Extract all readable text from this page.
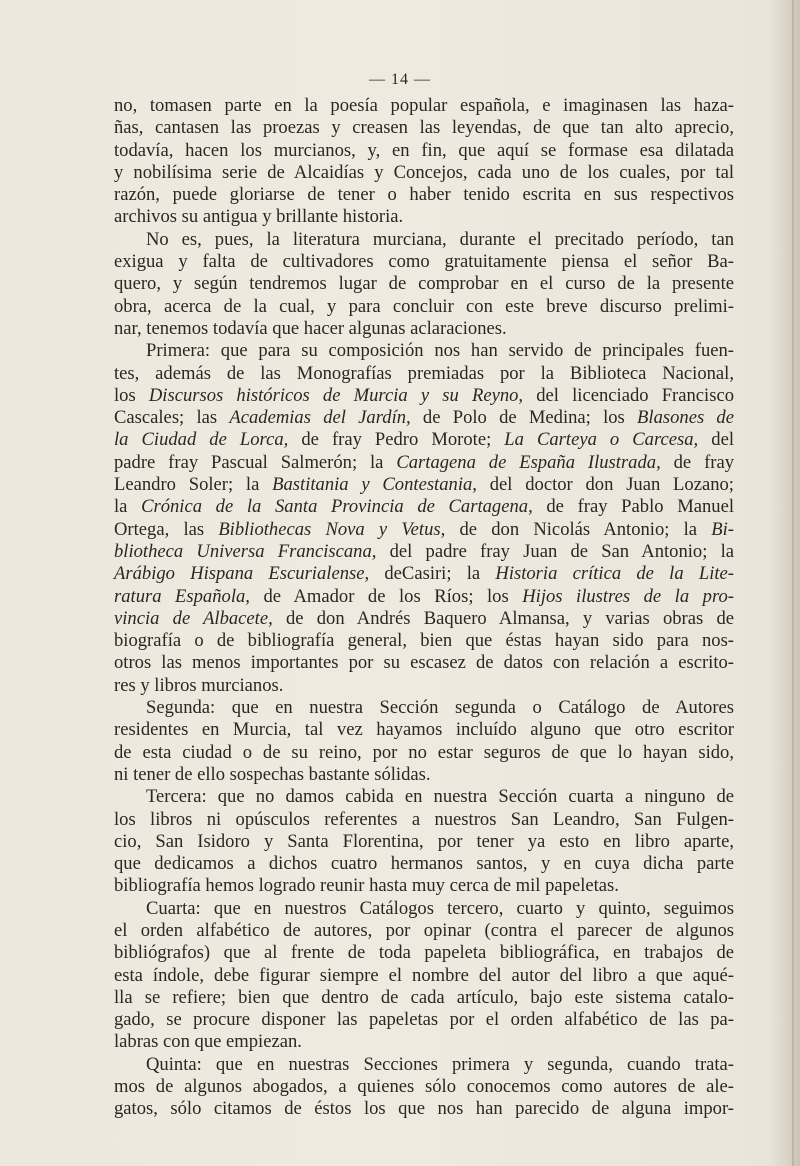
— 14 —

no, tomasen parte en la poesía popular española, e imaginasen las haza-

ñas, cantasen las proezas y creasen las leyendas, de que tan alto aprecio,

todavía, hacen los murcianos, y, en fin, que aquí se formase esa dilatada

y nobilísima serie de Alcaidías y Concejos, cada uno de los cuales, por tal

razón, puede gloriarse de tener o haber tenido escrita en sus respectivos

archivos su antigua y brillante historia.

No es, pues, la literatura murciana, durante el precitado período, tan

exigua y falta de cultivadores como gratuitamente piensa el señor Ba-

quero, y según tendremos lugar de comprobar en el curso de la presente

obra, acerca de la cual, y para concluir con este breve discurso prelimi-

nar, tenemos todavía que hacer algunas aclaraciones.

Primera: que para su composición nos han servido de principales fuen-

tes, además de las Monografías premiadas por la Biblioteca Nacional,

los Discursos históricos de Murcia y su Reyno, del licenciado Francisco

Cascales; las Academias del Jardín, de Polo de Medina; los Blasones de

la Ciudad de Lorca, de fray Pedro Morote; La Carteya o Carcesa, del

padre fray Pascual Salmerón; la Cartagena de España Ilustrada, de fray

Leandro Soler; la Bastitania y Contestania, del doctor don Juan Lozano;

la Crónica de la Santa Provincia de Cartagena, de fray Pablo Manuel

Ortega, las Bibliothecas Nova y Vetus, de don Nicolás Antonio; la Bi-

bliotheca Universa Franciscana, del padre fray Juan de San Antonio; la

Arábigo Hispana Escurialense, deCasiri; la Historia crítica de la Lite-

ratura Española, de Amador de los Ríos; los Hijos ilustres de la pro-

vincia de Albacete, de don Andrés Baquero Almansa, y varias obras de

biografía o de bibliografía general, bien que éstas hayan sido para nos-

otros las menos importantes por su escasez de datos con relación a escrito-

res y libros murcianos.

Segunda: que en nuestra Sección segunda o Catálogo de Autores

residentes en Murcia, tal vez hayamos incluído alguno que otro escritor

de esta ciudad o de su reino, por no estar seguros de que lo hayan sido,

ni tener de ello sospechas bastante sólidas.

Tercera: que no damos cabida en nuestra Sección cuarta a ninguno de

los libros ni opúsculos referentes a nuestros San Leandro, San Fulgen-

cio, San Isidoro y Santa Florentina, por tener ya esto en libro aparte,

que dedicamos a dichos cuatro hermanos santos, y en cuya dicha parte

bibliografía hemos logrado reunir hasta muy cerca de mil papeletas.

Cuarta: que en nuestros Catálogos tercero, cuarto y quinto, seguimos

el orden alfabético de autores, por opinar (contra el parecer de algunos

bibliógrafos) que al frente de toda papeleta bibliográfica, en trabajos de

esta índole, debe figurar siempre el nombre del autor del libro a que aqué-

lla se refiere; bien que dentro de cada artículo, bajo este sistema catalo-

gado, se procure disponer las papeletas por el orden alfabético de las pa-

labras con que empiezan.

Quinta: que en nuestras Secciones primera y segunda, cuando trata-

mos de algunos abogados, a quienes sólo conocemos como autores de ale-

gatos, sólo citamos de éstos los que nos han parecido de alguna impor-
